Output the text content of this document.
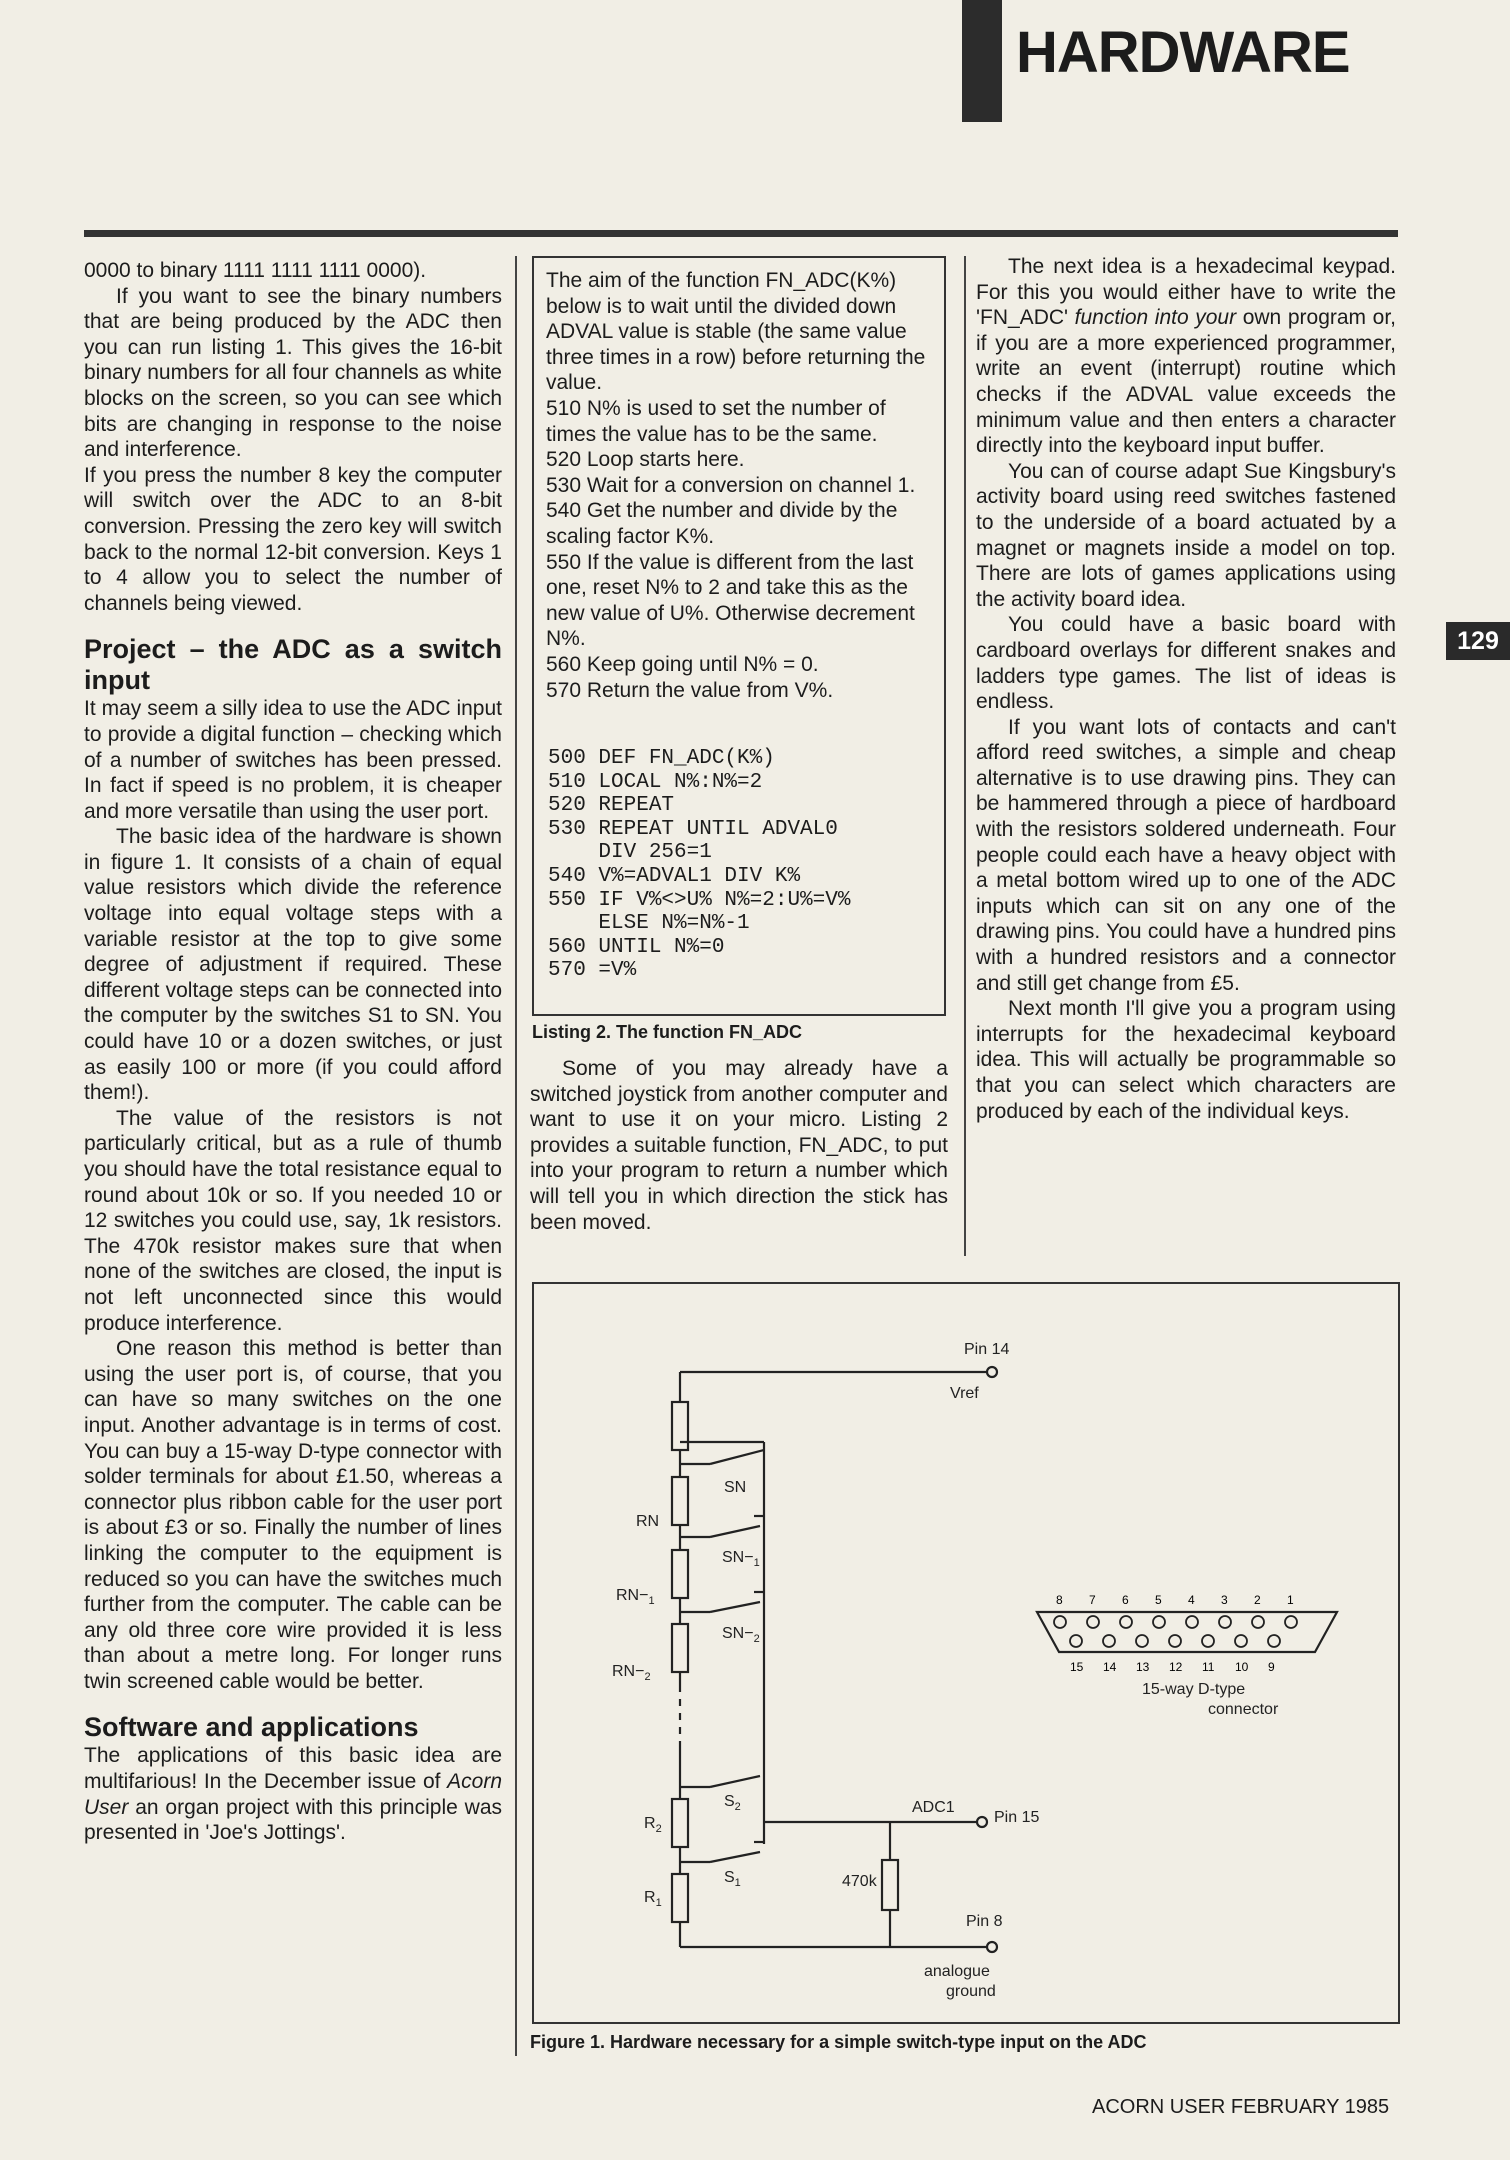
HARDWARE
129

0000 to binary 1111 1111 1111 0000).

If you want to see the binary numbers that are being produced by the ADC then you can run listing 1. This gives the 16-bit binary numbers for all four channels as white blocks on the screen, so you can see which bits are changing in response to the noise and interference.

If you press the number 8 key the computer will switch over the ADC to an 8-bit conversion. Pressing the zero key will switch back to the normal 12-bit conversion. Keys 1 to 4 allow you to select the number of channels being viewed.

Project – the ADC as a switch input

It may seem a silly idea to use the ADC input to provide a digital function – checking which of a number of switches has been pressed. In fact if speed is no problem, it is cheaper and more versatile than using the user port.

The basic idea of the hardware is shown in figure 1. It consists of a chain of equal value resistors which divide the reference voltage into equal voltage steps with a variable resistor at the top to give some degree of adjustment if required. These different voltage steps can be connected into the computer by the switches S1 to SN. You could have 10 or a dozen switches, or just as easily 100 or more (if you could afford them!).

The value of the resistors is not particularly critical, but as a rule of thumb you should have the total resistance equal to round about 10k or so. If you needed 10 or 12 switches you could use, say, 1k resistors. The 470k resistor makes sure that when none of the switches are closed, the input is not left unconnected since this would produce interference.

One reason this method is better than using the user port is, of course, that you can have so many switches on the one input. Another advantage is in terms of cost. You can buy a 15-way D-type connector with solder terminals for about £1.50, whereas a connector plus ribbon cable for the user port is about £3 or so. Finally the number of lines linking the computer to the equipment is reduced so you can have the switches much further from the computer. The cable can be any old three core wire provided it is less than about a metre long. For longer runs twin screened cable would be better.

Software and applications

The applications of this basic idea are multifarious! In the December issue of Acorn User an organ project with this principle was presented in 'Joe's Jottings'.

The aim of the function FN_ADC(K%) below is to wait until the divided down ADVAL value is stable (the same value three times in a row) before returning the value.

510 N% is used to set the number of times the value has to be the same.

520 Loop starts here.

530 Wait for a conversion on channel 1.

540 Get the number and divide by the scaling factor K%.

550 If the value is different from the last one, reset N% to 2 and take this as the new value of U%. Otherwise decrement N%.

560 Keep going until N% = 0.

570 Return the value from V%.

500 DEF FN_ADC(K%)
510 LOCAL N%:N%=2
520 REPEAT
530 REPEAT UNTIL ADVAL0
DIV 256=1
540 V%=ADVAL1 DIV K%
550 IF V%<>U% N%=2:U%=V%
ELSE N%=N%-1
560 UNTIL N%=0
570 =V%
Listing 2. The function FN_ADC

Some of you may already have a switched joystick from another computer and want to use it on your micro. Listing 2 provides a suitable function, FN_ADC, to put into your program to return a number which will tell you in which direction the stick has been moved.

The next idea is a hexadecimal keypad. For this you would either have to write the 'FN_ADC' function into your own program or, if you are a more experienced programmer, write an event (interrupt) routine which checks if the ADVAL value exceeds the minimum value and then enters a character directly into the keyboard input buffer.

You can of course adapt Sue Kingsbury's activity board using reed switches fastened to the underside of a board actuated by a magnet or magnets inside a model on top. There are lots of games applications using the activity board idea.

You could have a basic board with cardboard overlays for different snakes and ladders type games. The list of ideas is endless.

If you want lots of contacts and can't afford reed switches, a simple and cheap alternative is to use drawing pins. They can be hammered through a piece of hardboard with the resistors soldered underneath. Four people could each have a heavy object with a metal bottom wired up to one of the ADC inputs which can sit on any one of the drawing pins. You could have a hundred pins with a hundred resistors and a connector and still get change from £5.

Next month I'll give you a program using interrupts for the hexadecimal keyboard idea. This will actually be programmable so that you can select which characters are produced by each of the individual keys.

Pin 14
Vref
SN
RN
$SN-_1$
$RN-_1$
$SN-_2$
$RN-_2$
$S_2$
$R_2$
$S_1$
$R_1$
ADC1
Pin 15
470k
Pin 8
analogue
ground
15-way D-type
connector
8 7 6 5 4 3 2 1
15 14 13 12 11 10 9
Figure 1. Hardware necessary for a simple switch-type input on the ADC
ACORN USER FEBRUARY 1985
